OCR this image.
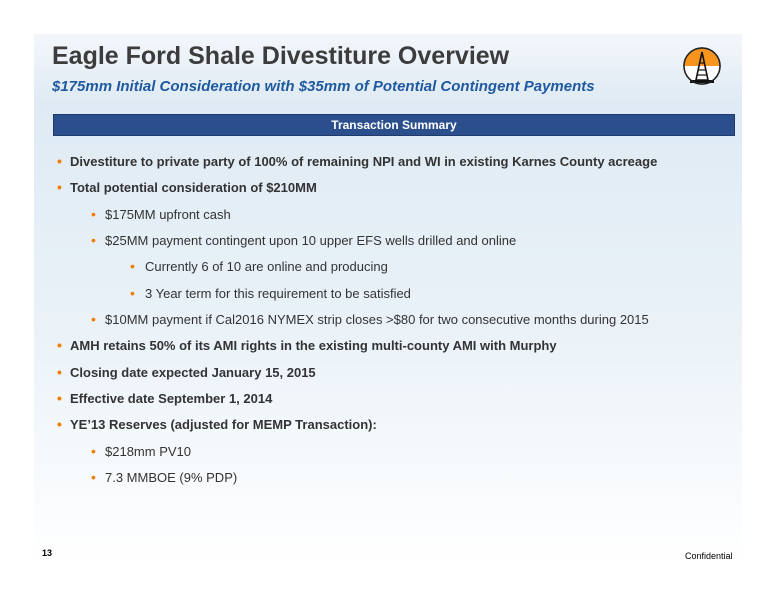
Eagle Ford Shale Divestiture Overview
$175mm Initial Consideration with $35mm of Potential Contingent Payments
Transaction Summary
• Divestiture to private party of 100% of remaining NPI and WI in existing Karnes County acreage
• Total potential consideration of $210MM
• $175MM upfront cash
• $25MM payment contingent upon 10 upper EFS wells drilled and online
• Currently 6 of 10 are online and producing
• 3 Year term for this requirement to be satisfied
• $10MM payment if Cal2016 NYMEX strip closes >$80 for two consecutive months during 2015
• AMH retains 50% of its AMI rights in the existing multi-county AMI with Murphy
• Closing date expected January 15, 2015
• Effective date September 1, 2014
• YE’13 Reserves (adjusted for MEMP Transaction):
• $218mm PV10
• 7.3 MMBOE (9% PDP)
13	Confidential
